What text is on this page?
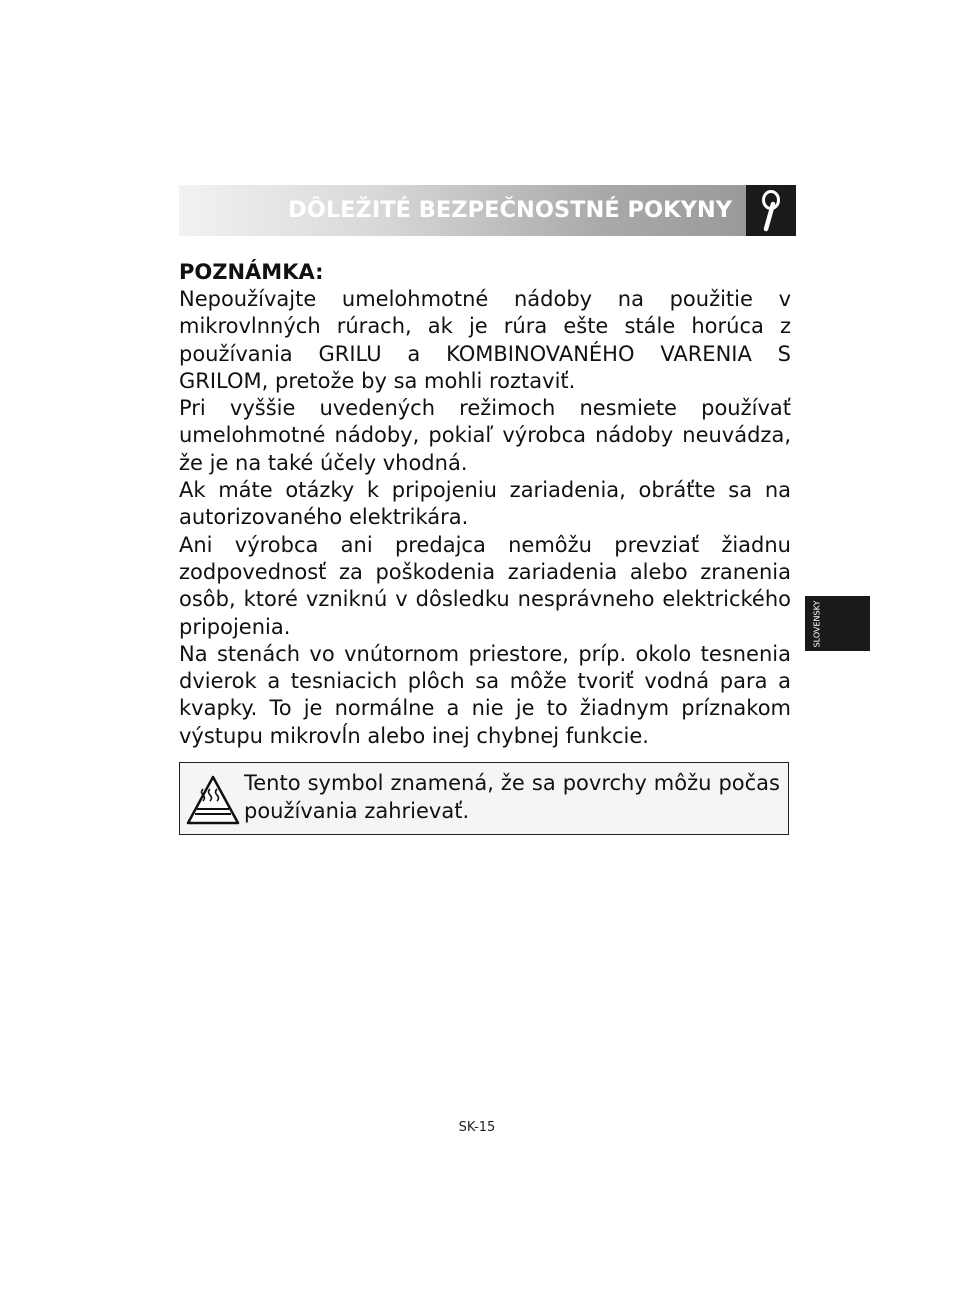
DÔLEŽITÉ BEZPEČNOSTNÉ POKYNY

POZNÁMKA:

Nepoužívajte umelohmotné nádoby na použitie v mikrovlnných rúrach, ak je rúra ešte stále horúca z používania GRILU a KOMBINOVANÉHO VARENIA S GRILOM, pretože by sa mohli roztaviť.

Pri vyššie uvedených režimoch nesmiete používať umelohmotné nádoby, pokiaľ výrobca nádoby neuvádza, že je na také účely vhodná.

Ak máte otázky k pripojeniu zariadenia, obráťte sa na autorizovaného elektrikára.

Ani výrobca ani predajca nemôžu prevziať žiadnu zodpovednosť za poškodenia zariadenia alebo zranenia osôb, ktoré vzniknú v dôsledku nesprávneho elektrického pripojenia.

Na stenách vo vnútornom priestore, príp. okolo tesnenia dvierok a tesniacich plôch sa môže tvoriť vodná para a kvapky. To je normálne a nie je to žiadnym príznakom výstupu mikrovĺn alebo inej chybnej funkcie.

Tento symbol znamená, že sa povrchy môžu počas používania zahrievať.
SLOVENSKY
SK-15
